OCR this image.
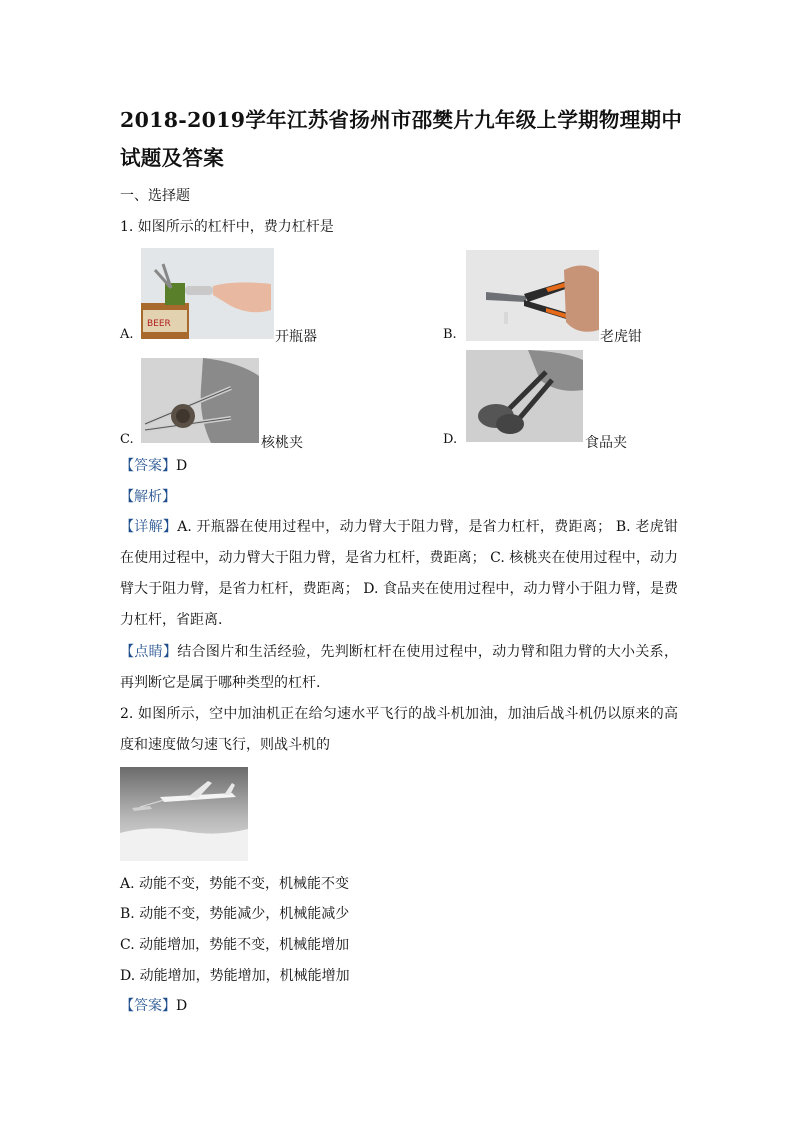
2018-2019学年江苏省扬州市邵樊片九年级上学期物理期中试题及答案
一、选择题
1. 如图所示的杠杆中，费力杠杆是
A.
BEER
开瓶器	B.	老虎钳
C.	核桃夹	D.	食品夹
【答案】D
【解析】
【详解】A. 开瓶器在使用过程中，动力臂大于阻力臂，是省力杠杆，费距离； B. 老虎钳在使用过程中，动力臂大于阻力臂，是省力杠杆，费距离； C. 核桃夹在使用过程中，动力臂大于阻力臂，是省力杠杆，费距离； D. 食品夹在使用过程中，动力臂小于阻力臂，是费力杠杆，省距离.
【点睛】结合图片和生活经验，先判断杠杆在使用过程中，动力臂和阻力臂的大小关系，再判断它是属于哪种类型的杠杆.
2. 如图所示，空中加油机正在给匀速水平飞行的战斗机加油，加油后战斗机仍以原来的高度和速度做匀速飞行，则战斗机的
A. 动能不变，势能不变，机械能不变
B. 动能不变，势能减少，机械能减少
C. 动能增加，势能不变，机械能增加
D. 动能增加，势能增加，机械能增加
【答案】D
